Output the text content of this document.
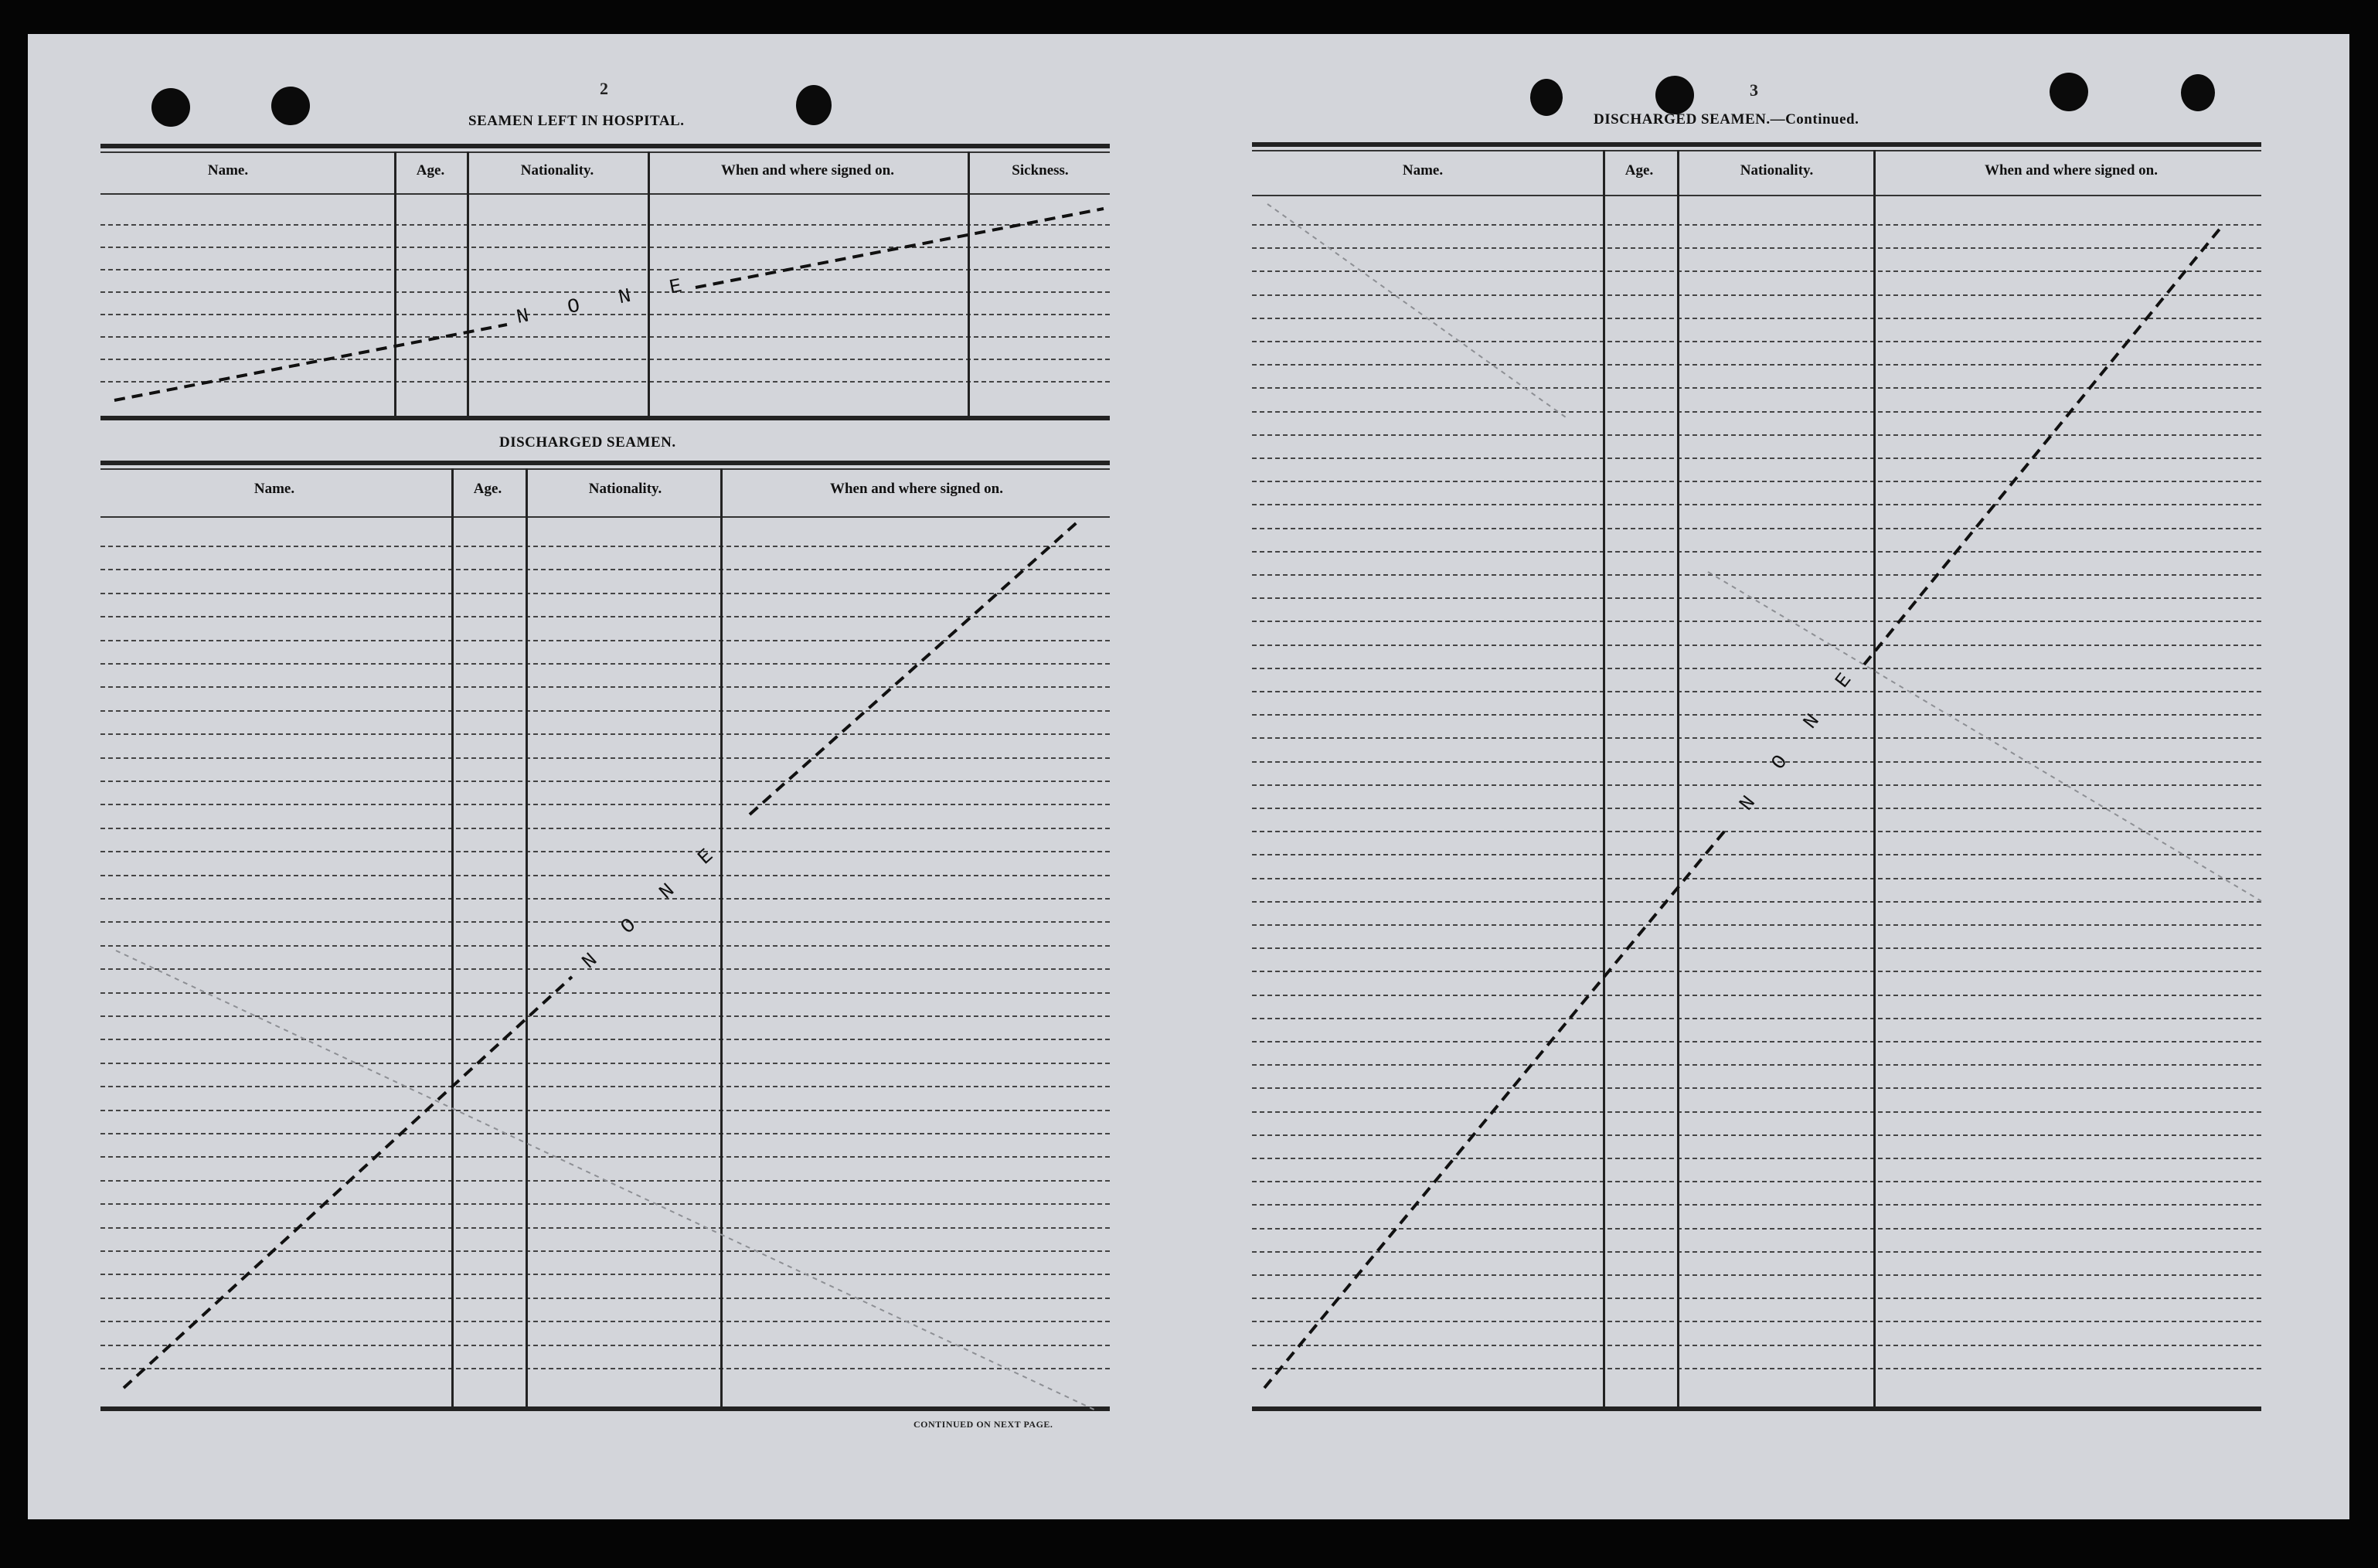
2
SEAMEN LEFT IN HOSPITAL.
Name.	Age.	Nationality.	When and where signed on.	Sickness.
DISCHARGED SEAMEN.
Name.	Age.	Nationality.	When and where signed on.
CONTINUED ON NEXT PAGE.
3
DISCHARGED SEAMEN.—Continued.
Name.	Age.	Nationality.	When and where signed on.
N O N E
N O N E
N O N E
